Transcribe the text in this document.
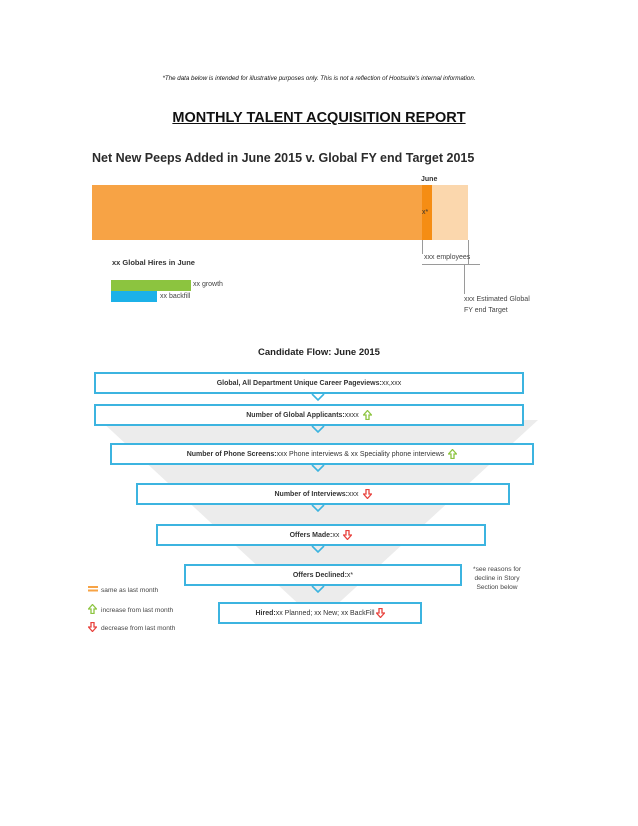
*The data below is intended for illustrative purposes only. This is not a reflection of Hootsuite's internal information.
MONTHLY TALENT ACQUISITION REPORT
Net New Peeps Added in June 2015 v. Global FY end Target 2015
June
x*
xxx employees
xxx Estimated Global
FY end Target
xx Global Hires in June
xx growth
xx backfill
Candidate Flow: June 2015
Global, All Department Unique Career Pageviews: xx,xxx
Number of Global Applicants: xxxx
Number of Phone Screens: xxx Phone interviews & xx Speciality phone interviews
Number of Interviews: xxx
Offers Made: xx
Offers Declined: x*
Hired: xx Planned; xx New; xx BackFill
*see reasons for
decline in Story
Section below
same as last month
increase from last month
decrease from last month
